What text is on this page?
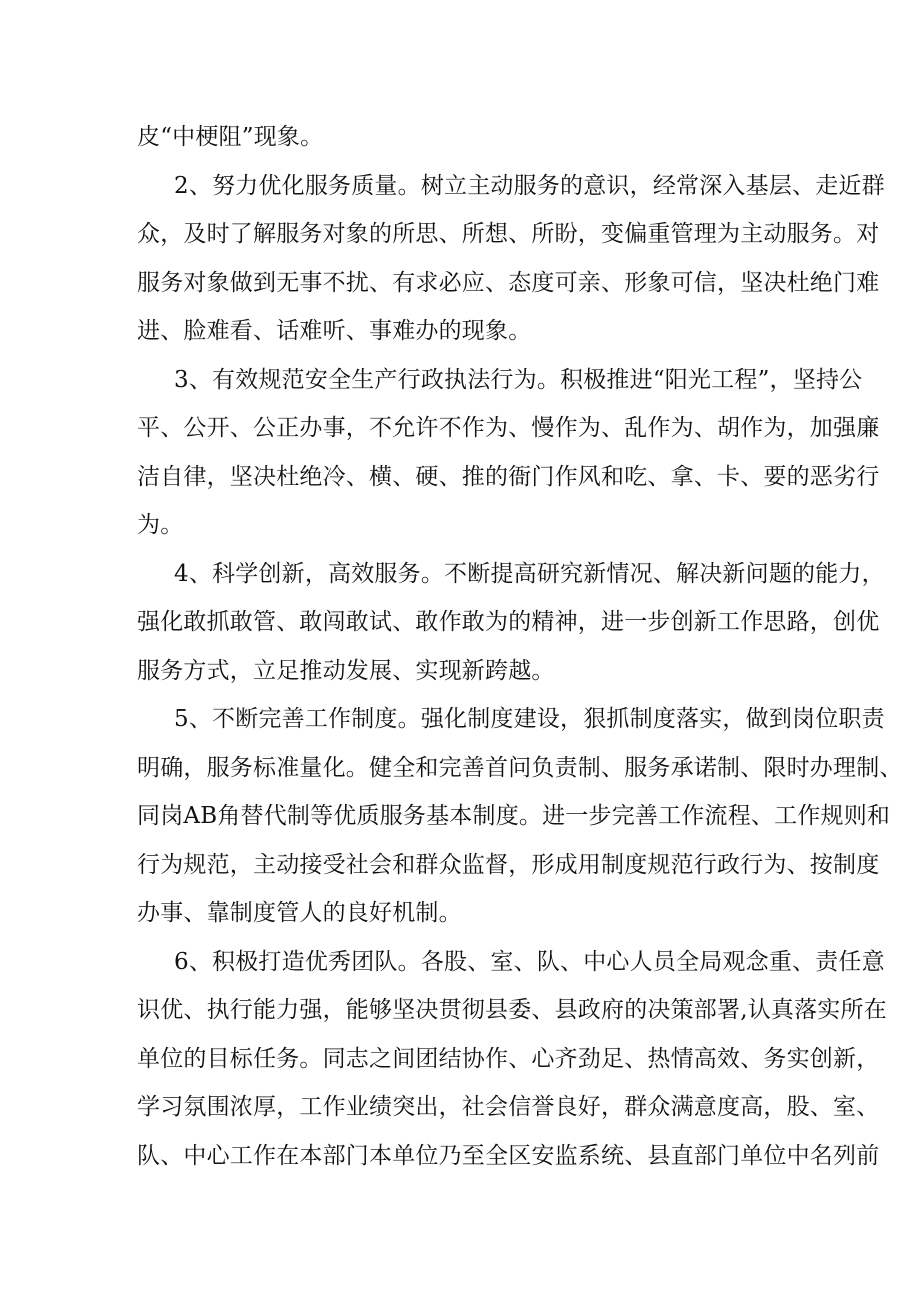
皮“中梗阻”现象。
2、努力优化服务质量。树立主动服务的意识，经常深入基层、走近群
众，及时了解服务对象的所思、所想、所盼，变偏重管理为主动服务。对
服务对象做到无事不扰、有求必应、态度可亲、形象可信，坚决杜绝门难
进、脸难看、话难听、事难办的现象。
3、有效规范安全生产行政执法行为。积极推进“阳光工程”，坚持公
平、公开、公正办事，不允许不作为、慢作为、乱作为、胡作为，加强廉
洁自律，坚决杜绝冷、横、硬、推的衙门作风和吃、拿、卡、要的恶劣行
为。
4、科学创新，高效服务。不断提高研究新情况、解决新问题的能力，
强化敢抓敢管、敢闯敢试、敢作敢为的精神，进一步创新工作思路，创优
服务方式，立足推动发展、实现新跨越。
5、不断完善工作制度。强化制度建设，狠抓制度落实，做到岗位职责
明确，服务标准量化。健全和完善首问负责制、服务承诺制、限时办理制、
同岗AB角替代制等优质服务基本制度。进一步完善工作流程、工作规则和
行为规范，主动接受社会和群众监督，形成用制度规范行政行为、按制度
办事、靠制度管人的良好机制。
6、积极打造优秀团队。各股、室、队、中心人员全局观念重、责任意
识优、执行能力强，能够坚决贯彻县委、县政府的决策部署,认真落实所在
单位的目标任务。同志之间团结协作、心齐劲足、热情高效、务实创新，
学习氛围浓厚，工作业绩突出，社会信誉良好，群众满意度高，股、室、
队、中心工作在本部门本单位乃至全区安监系统、县直部门单位中名列前
